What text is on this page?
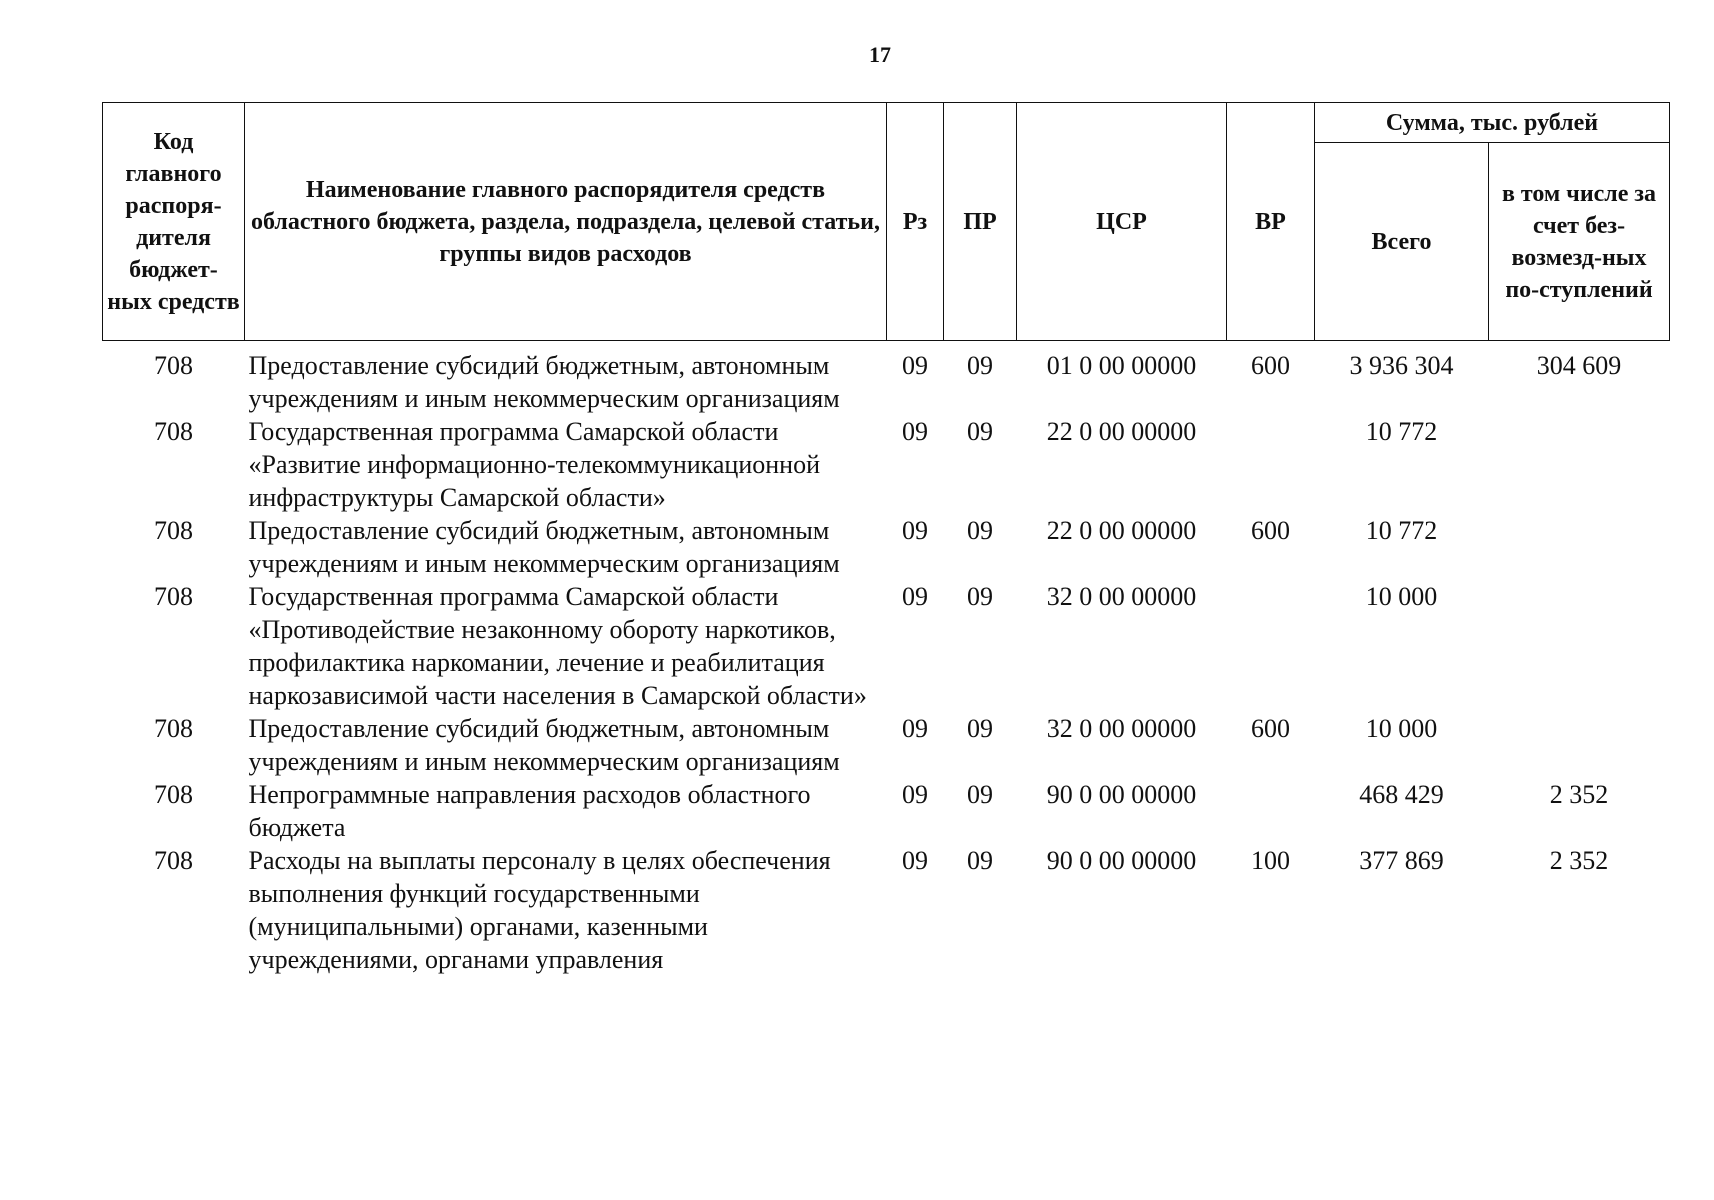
17
Код главного распоря-дителя бюджет-ных средств	Наименование главного распорядителя средств областного бюджета, раздела, подраздела, целевой статьи, группы видов расходов	Рз	ПР	ЦСР	ВР	Сумма, тыс. рублей	
						Всего	в том числе за счет без-возмезд-ных по-ступлений

708	Предоставление субсидий бюджетным, автономным учреждениям и иным некоммерческим организациям	09	09	01 0 00 00000	600	3 936 304	304 609
708	Государственная программа Самарской области «Развитие информационно-телекоммуникационной инфраструктуры Самарской области»	09	09	22 0 00 00000		10 772	
708	Предоставление субсидий бюджетным, автономным учреждениям и иным некоммерческим организациям	09	09	22 0 00 00000	600	10 772	
708	Государственная программа Самарской области «Противодействие незаконному обороту наркотиков, профилактика наркомании, лечение и реабилитация наркозависимой части населения в Самарской области»	09	09	32 0 00 00000		10 000	
708	Предоставление субсидий бюджетным, автономным учреждениям и иным некоммерческим организациям	09	09	32 0 00 00000	600	10 000	
708	Непрограммные направления расходов областного бюджета	09	09	90 0 00 00000		468 429	2 352
708	Расходы на выплаты персоналу в целях обеспечения выполнения функций государственными (муниципальными) органами, казенными учреждениями, органами управления	09	09	90 0 00 00000	100	377 869	2 352
